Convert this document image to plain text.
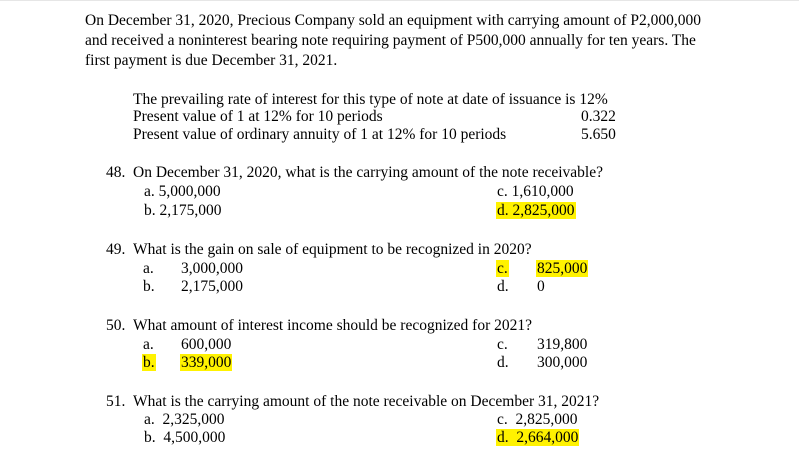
On December 31, 2020, Precious Company sold an equipment with carrying amount of P2,000,000
and received a noninterest bearing note requiring payment of P500,000 annually for ten years. The
first payment is due December 31, 2021.
The prevailing rate of interest for this type of note at date of issuance is 12%
Present value of 1 at 12% for 10 periods	0.322
Present value of ordinary annuity of 1 at 12% for 10 periods	5.650
48. On December 31, 2020, what is the carrying amount of the note receivable?
a. 5,000,000
b. 2,175,000
c. 1,610,000
d. 2,825,000
49. What is the gain on sale of equipment to be recognized in 2020?
a. 3,000,000
b. 2,175,000
c. 825,000
d. 0
50. What amount of interest income should be recognized for 2021?
a. 600,000
b. 339,000
c. 319,800
d. 300,000
51. What is the carrying amount of the note receivable on December 31, 2021?
a.  2,325,000
b.  4,500,000
c.  2,825,000
d.  2,664,000
